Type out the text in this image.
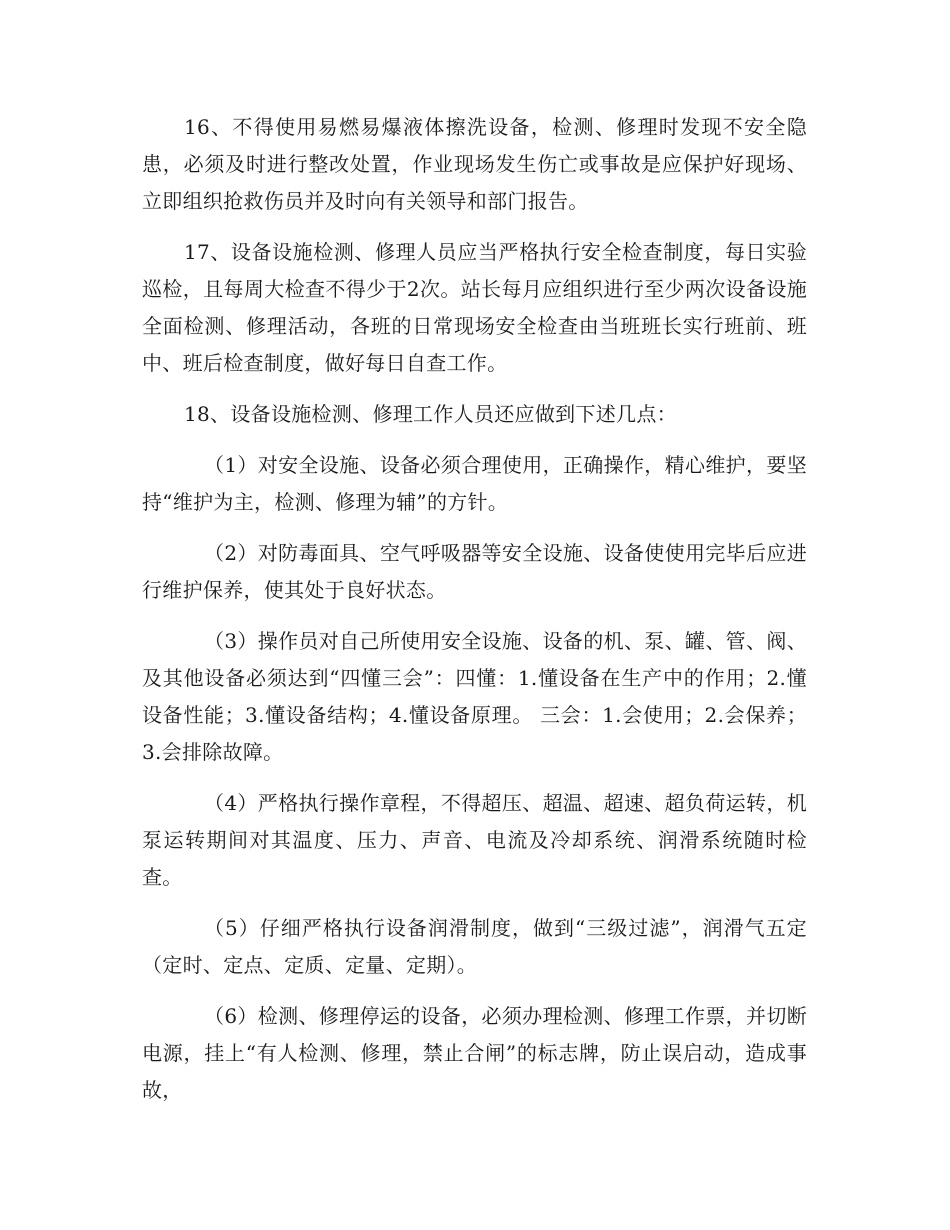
16、不得使用易燃易爆液体擦洗设备，检测、修理时发现不安全隐患，必须及时进行整改处置，作业现场发生伤亡或事故是应保护好现场、立即组织抢救伤员并及时向有关领导和部门报告。

17、设备设施检测、修理人员应当严格执行安全检查制度，每日实验巡检，且每周大检查不得少于2次。站长每月应组织进行至少两次设备设施全面检测、修理活动，各班的日常现场安全检查由当班班长实行班前、班中、班后检查制度，做好每日自查工作。

18、设备设施检测、修理工作人员还应做到下述几点：

（1）对安全设施、设备必须合理使用，正确操作，精心维护，要坚持“维护为主，检测、修理为辅”的方针。

（2）对防毒面具、空气呼吸器等安全设施、设备使使用完毕后应进行维护保养，使其处于良好状态。

（3）操作员对自己所使用安全设施、设备的机、泵、罐、管、阀、及其他设备必须达到“四懂三会”：四懂：1.懂设备在生产中的作用；2.懂设备性能；3.懂设备结构；4.懂设备原理。 三会：1.会使用；2.会保养；3.会排除故障。

（4）严格执行操作章程，不得超压、超温、超速、超负荷运转，机泵运转期间对其温度、压力、声音、电流及冷却系统、润滑系统随时检查。

（5）仔细严格执行设备润滑制度，做到“三级过滤”，润滑气五定（定时、定点、定质、定量、定期）。

（6）检测、修理停运的设备，必须办理检测、修理工作票，并切断电源，挂上“有人检测、修理，禁止合闸”的标志牌，防止误启动，造成事故，
